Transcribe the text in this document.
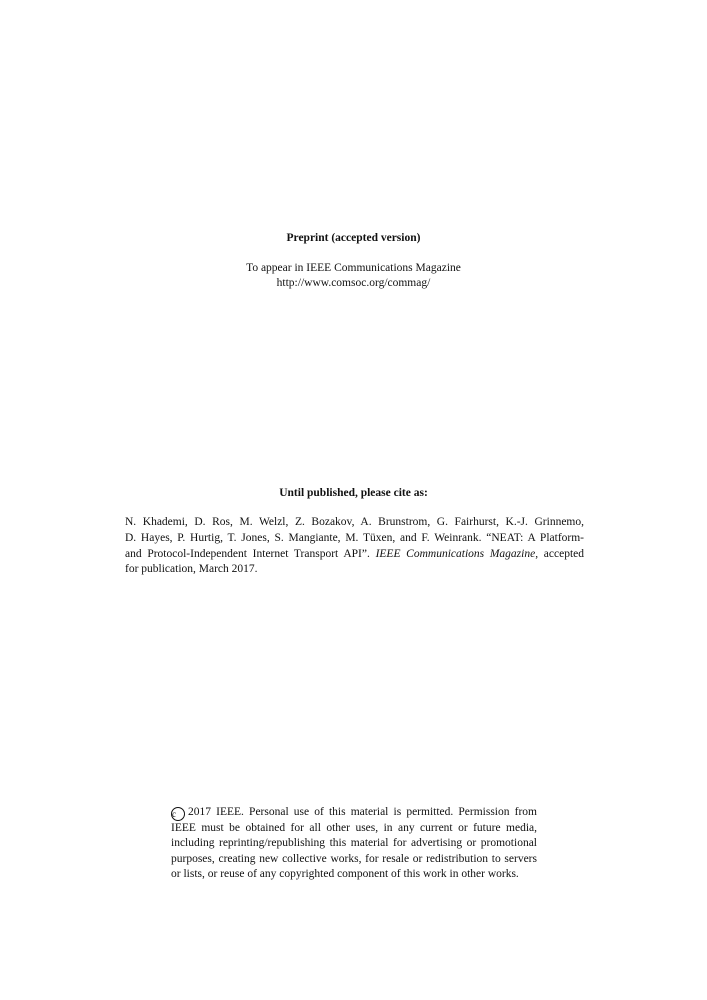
Preprint (accepted version)
To appear in IEEE Communications Magazine
http://www.comsoc.org/commag/
Until published, please cite as:
N. Khademi, D. Ros, M. Welzl, Z. Bozakov, A. Brunstrom, G. Fairhurst, K.-J. Grinnemo,
D. Hayes, P. Hurtig, T. Jones, S. Mangiante, M. Tüxen, and F. Weinrank. “NEAT: A Platform-
and Protocol-Independent Internet Transport API”. IEEE Communications Magazine, accepted
for publication, March 2017.
c 2017 IEEE. Personal use of this material is permitted. Permission from
IEEE must be obtained for all other uses, in any current or future media,
including reprinting/republishing this material for advertising or promotional
purposes, creating new collective works, for resale or redistribution to servers
or lists, or reuse of any copyrighted component of this work in other works.
